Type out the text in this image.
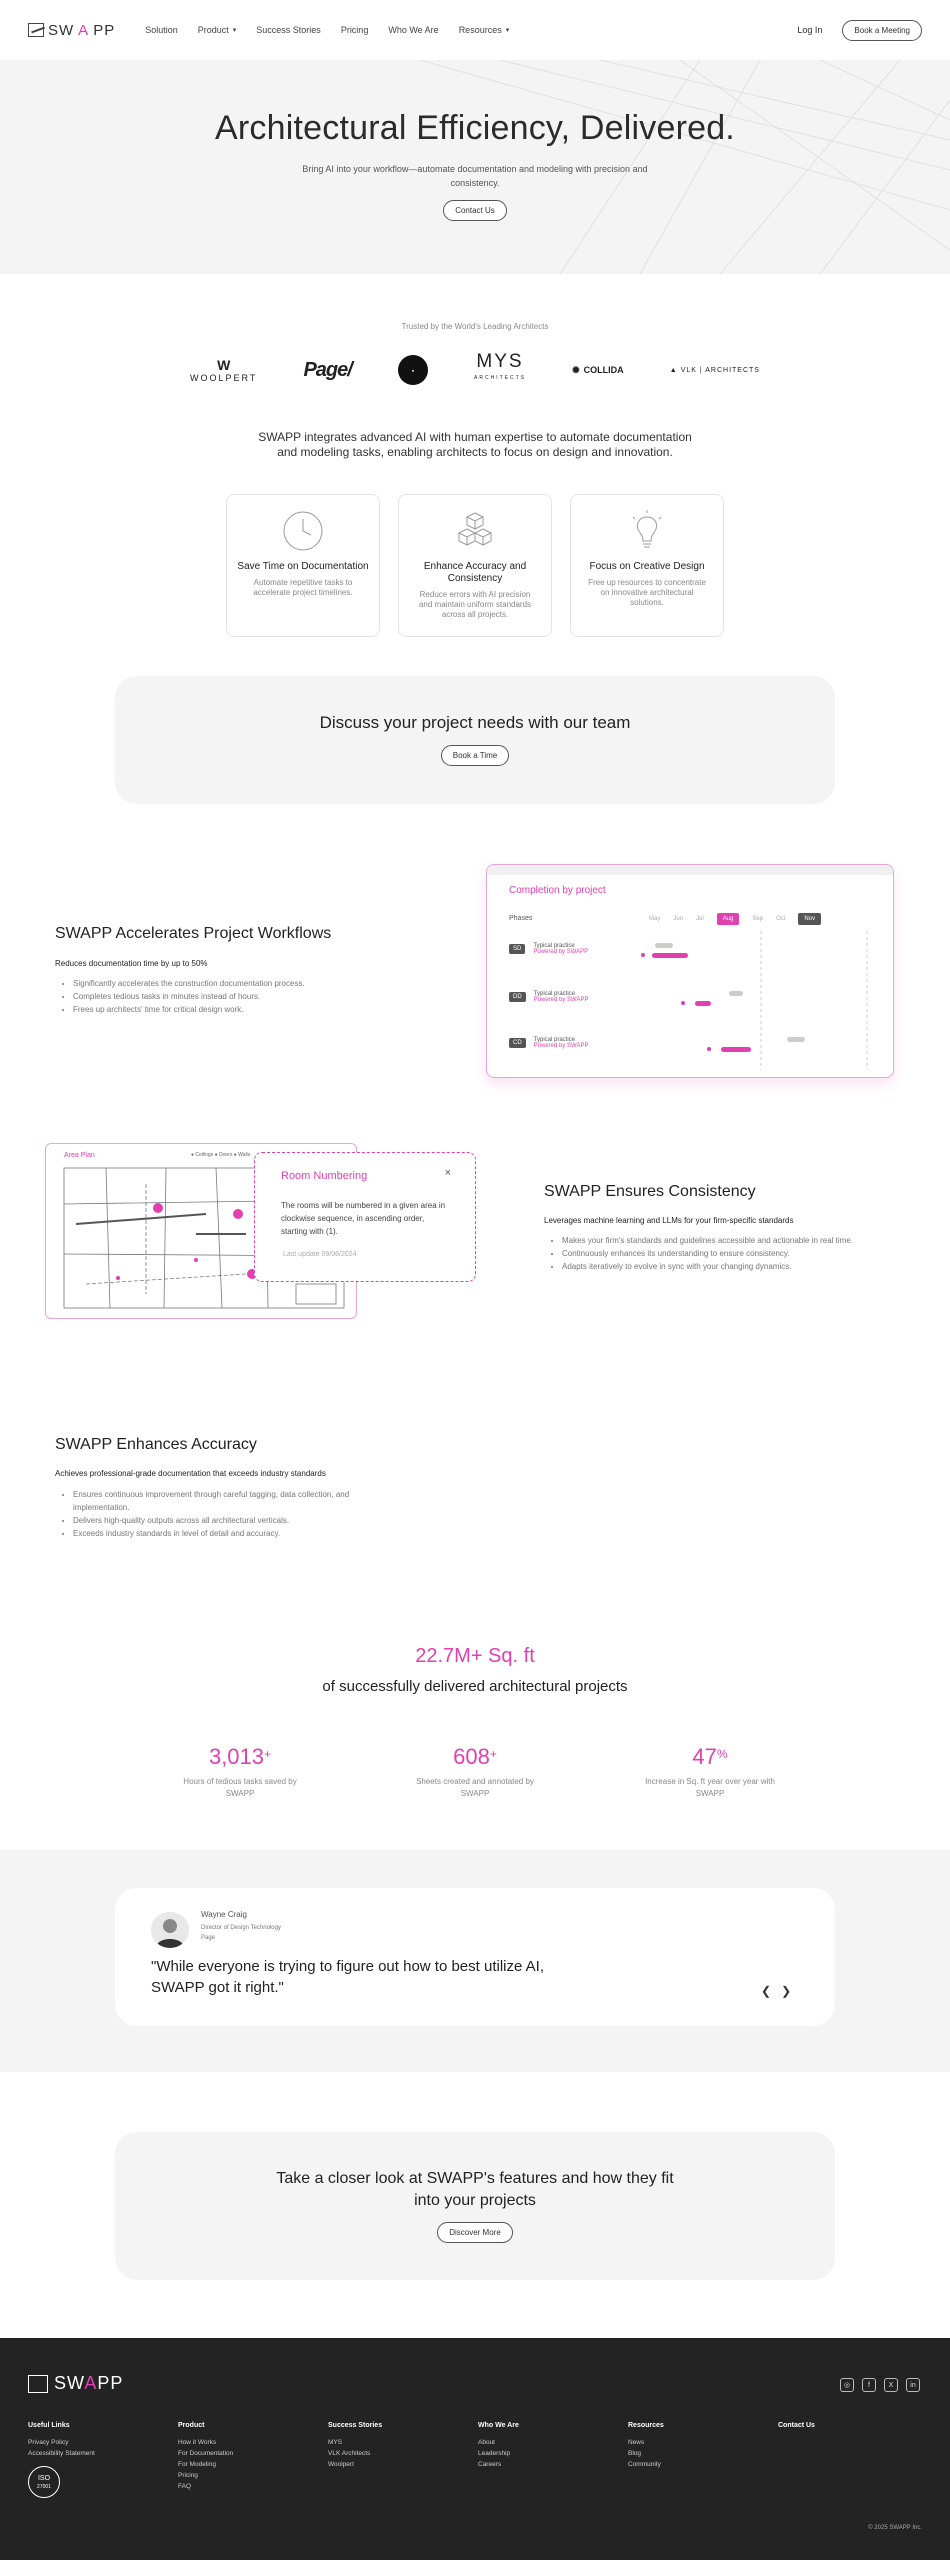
SW A PP	Solution Product ▾ Success Stories Pricing Who We Are Resources ▾	Log In	Book a Meeting
Architectural Efficiency, Delivered.

Bring AI into your workflow—automate documentation and modeling with precision and consistency.

Contact Us
Trusted by the World's Leading Architects
W
WOOLPERT Page/	●	MYS
ARCHITECTS
✺ COLLIDA	▲ VLK | ARCHITECTS
SWAPP integrates advanced AI with human expertise to automate documentation and modeling tasks, enabling architects to focus on design and innovation.
Save Time on Documentation

Automate repetitive tasks to accelerate project timelines.

Enhance Accuracy and Consistency

Reduce errors with AI precision and maintain uniform standards across all projects.

Focus on Creative Design

Free up resources to concentrate on innovative architectural solutions.

Discuss your project needs with our team
Book a Time
SWAPP Accelerates Project Workflows
Reduces documentation time by up to 50%
• Significantly accelerates the construction documentation process.
• Completes tedious tasks in minutes instead of hours.
• Frees up architects' time for critical design work.
Completion by project
Phases	May Jun Jul	Aug	Sep Oct	Nov
SD	Typical practice
Powered by SWAPP
DD	Typical practice
Powered by SWAPP
CD	Typical practice
Powered by SWAPP
Area Plan	● Ceilings ● Doors ● Walls
Room Numbering	×
The rooms will be numbered in a given area in clockwise sequence, in ascending order, starting with (1).
Last update 09/06/2024
SWAPP Ensures Consistency
Leverages machine learning and LLMs for your firm-specific standards
• Makes your firm's standards and guidelines accessible and actionable in real time.
• Continuously enhances its understanding to ensure consistency.
• Adapts iteratively to evolve in sync with your changing dynamics.
SWAPP Enhances Accuracy
Achieves professional-grade documentation that exceeds industry standards
• Ensures continuous improvement through careful tagging, data collection, and implementation.
• Delivers high-quality outputs across all architectural verticals.
• Exceeds industry standards in level of detail and accuracy.
22.7M+ Sq. ft
of successfully delivered architectural projects
3,013+
Hours of tedious tasks saved by SWAPP
608+
Sheets created and annotated by SWAPP
47%
Increase in Sq. ft year over year with SWAPP
Wayne Craig
Director of Design Technology
Page
"While everyone is trying to figure out how to best utilize AI, SWAPP got it right."	❮ ❯
Take a closer look at SWAPP's features and how they fit into your projects
Discover More
SWAPP	◎	f	X	in
Useful Links
Privacy Policy
Accessibility Statement
Product
How it Works
For Documentation
For Modeling
Pricing
FAQ
Success Stories
MYS
VLK Architects
Woolpert
Who We Are
About
Leadership
Careers
Resources
News
Blog
Community
Contact Us
ISO
27001
© 2025 SWAPP Inc.
